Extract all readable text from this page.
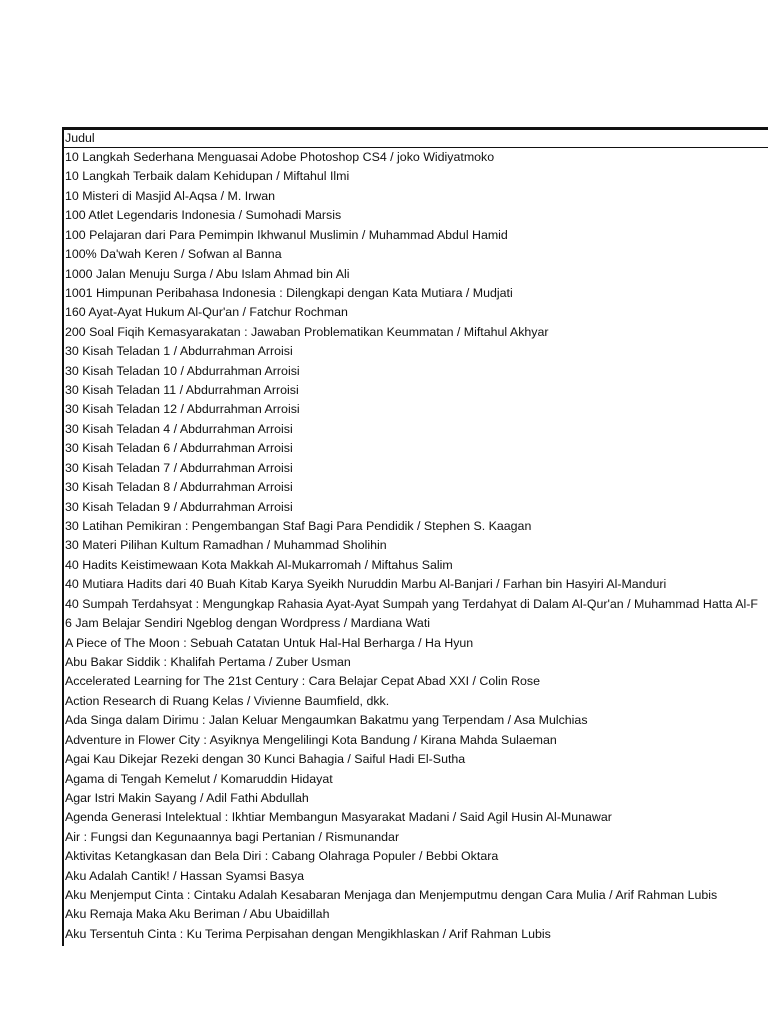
Judul
10 Langkah Sederhana Menguasai Adobe Photoshop CS4 / joko Widiyatmoko
10 Langkah Terbaik dalam Kehidupan / Miftahul Ilmi
10 Misteri di Masjid Al-Aqsa / M. Irwan
100 Atlet Legendaris Indonesia / Sumohadi Marsis
100 Pelajaran dari Para Pemimpin Ikhwanul Muslimin / Muhammad Abdul Hamid
100% Da'wah Keren / Sofwan al Banna
1000 Jalan Menuju Surga / Abu Islam Ahmad bin Ali
1001 Himpunan Peribahasa Indonesia : Dilengkapi dengan Kata Mutiara / Mudjati
160 Ayat-Ayat Hukum Al-Qur'an / Fatchur Rochman
200 Soal Fiqih Kemasyarakatan : Jawaban Problematikan Keummatan / Miftahul Akhyar
30 Kisah Teladan 1 / Abdurrahman Arroisi
30 Kisah Teladan 10 / Abdurrahman Arroisi
30 Kisah Teladan 11 / Abdurrahman Arroisi
30 Kisah Teladan 12 / Abdurrahman Arroisi
30 Kisah Teladan 4 / Abdurrahman Arroisi
30 Kisah Teladan 6 / Abdurrahman Arroisi
30 Kisah Teladan 7 / Abdurrahman Arroisi
30 Kisah Teladan 8 / Abdurrahman Arroisi
30 Kisah Teladan 9 / Abdurrahman Arroisi
30 Latihan Pemikiran : Pengembangan Staf Bagi Para Pendidik / Stephen S. Kaagan
30 Materi Pilihan Kultum Ramadhan / Muhammad Sholihin
40 Hadits Keistimewaan Kota Makkah Al-Mukarromah / Miftahus Salim
40 Mutiara Hadits dari 40 Buah Kitab Karya Syeikh Nuruddin Marbu Al-Banjari / Farhan bin Hasyiri Al-Manduri
40 Sumpah Terdahsyat : Mengungkap Rahasia Ayat-Ayat Sumpah yang Terdahyat di Dalam Al-Qur'an / Muhammad Hatta Al-F
6 Jam Belajar Sendiri Ngeblog dengan Wordpress / Mardiana Wati
A Piece of The Moon : Sebuah Catatan Untuk Hal-Hal Berharga / Ha Hyun
Abu Bakar Siddik : Khalifah Pertama / Zuber Usman
Accelerated Learning for The 21st Century : Cara Belajar Cepat Abad XXI / Colin Rose
Action Research di Ruang Kelas / Vivienne Baumfield, dkk.
Ada Singa dalam Dirimu : Jalan Keluar Mengaumkan Bakatmu yang Terpendam / Asa Mulchias
Adventure in Flower City : Asyiknya Mengelilingi Kota Bandung / Kirana Mahda Sulaeman
Agai Kau Dikejar Rezeki dengan 30 Kunci Bahagia / Saiful Hadi El-Sutha
Agama di Tengah Kemelut / Komaruddin Hidayat
Agar Istri Makin Sayang / Adil Fathi Abdullah
Agenda Generasi Intelektual : Ikhtiar Membangun Masyarakat Madani / Said Agil Husin Al-Munawar
Air : Fungsi dan Kegunaannya bagi Pertanian / Rismunandar
Aktivitas Ketangkasan dan Bela Diri : Cabang Olahraga Populer / Bebbi Oktara
Aku Adalah Cantik! / Hassan Syamsi Basya
Aku Menjemput Cinta : Cintaku Adalah Kesabaran Menjaga dan Menjemputmu dengan Cara Mulia / Arif Rahman Lubis
Aku Remaja Maka Aku Beriman / Abu Ubaidillah
Aku Tersentuh Cinta : Ku Terima Perpisahan dengan Mengikhlaskan / Arif Rahman Lubis
